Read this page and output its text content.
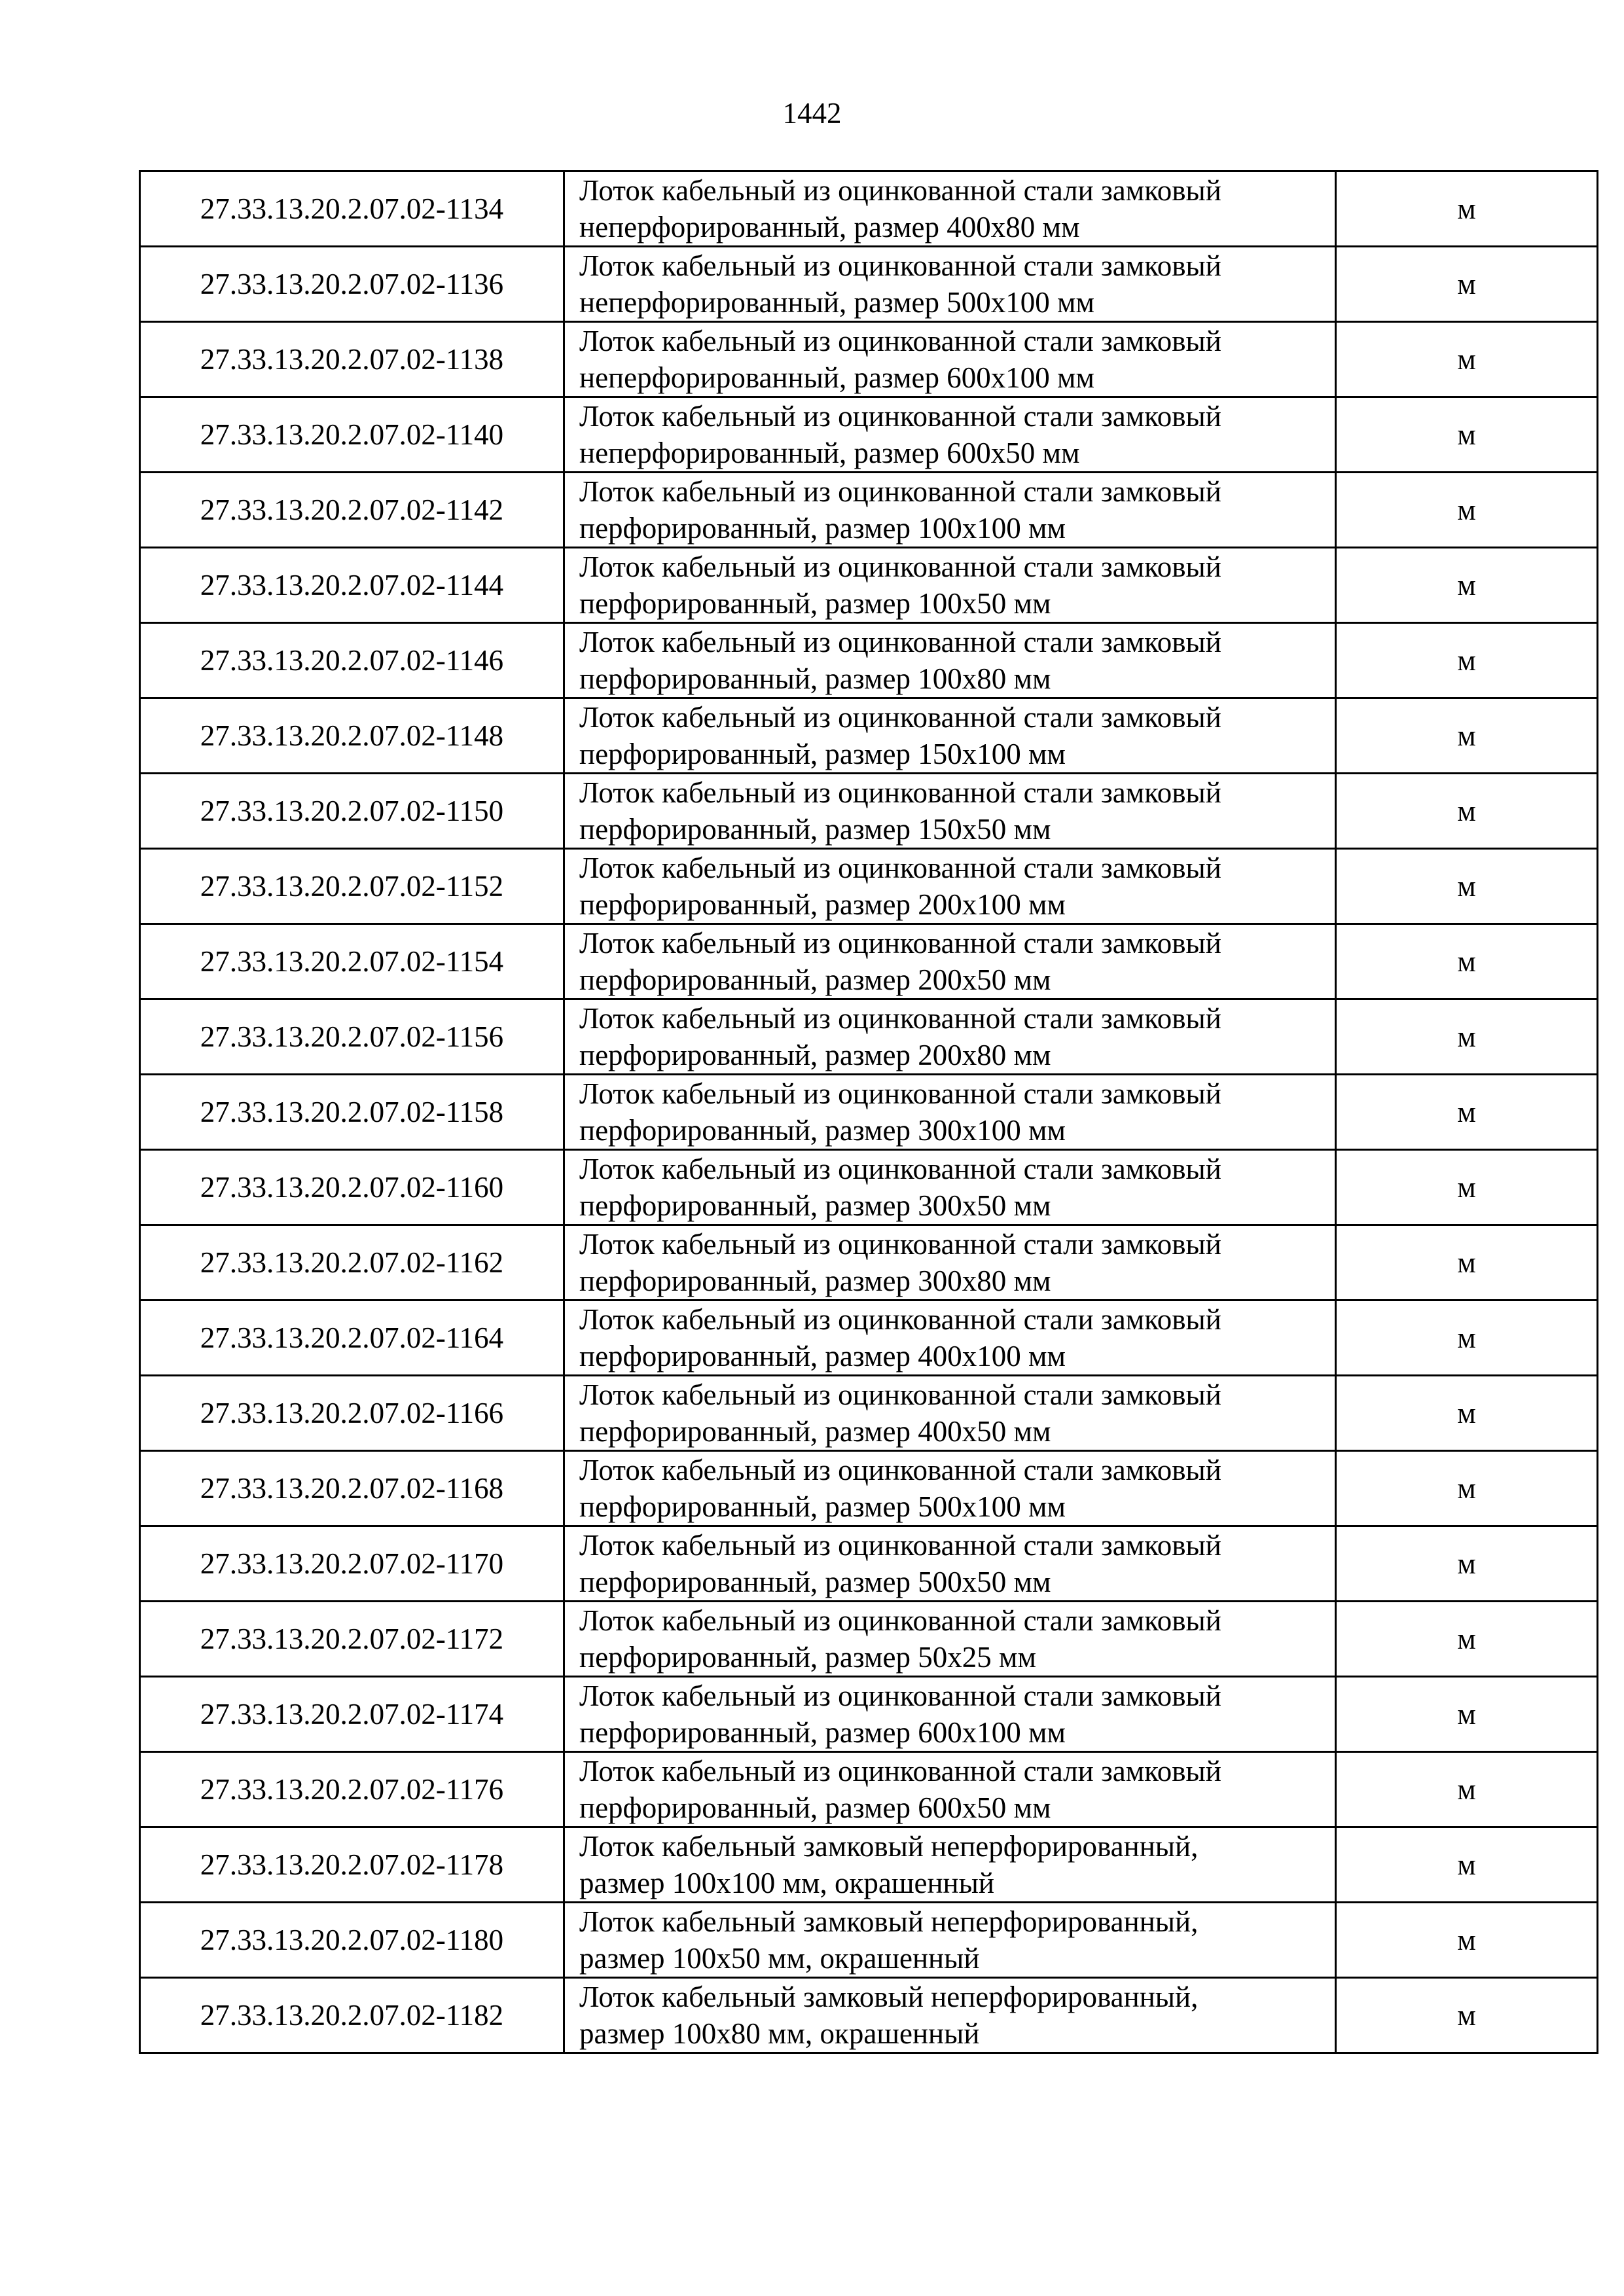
1442
27.33.13.20.2.07.02-1134	Лоток кабельный из оцинкованной стали замковый
неперфорированный, размер 400х80 мм	м
27.33.13.20.2.07.02-1136	Лоток кабельный из оцинкованной стали замковый
неперфорированный, размер 500х100 мм	м
27.33.13.20.2.07.02-1138	Лоток кабельный из оцинкованной стали замковый
неперфорированный, размер 600х100 мм	м
27.33.13.20.2.07.02-1140	Лоток кабельный из оцинкованной стали замковый
неперфорированный, размер 600х50 мм	м
27.33.13.20.2.07.02-1142	Лоток кабельный из оцинкованной стали замковый
перфорированный, размер 100х100 мм	м
27.33.13.20.2.07.02-1144	Лоток кабельный из оцинкованной стали замковый
перфорированный, размер 100х50 мм	м
27.33.13.20.2.07.02-1146	Лоток кабельный из оцинкованной стали замковый
перфорированный, размер 100х80 мм	м
27.33.13.20.2.07.02-1148	Лоток кабельный из оцинкованной стали замковый
перфорированный, размер 150х100 мм	м
27.33.13.20.2.07.02-1150	Лоток кабельный из оцинкованной стали замковый
перфорированный, размер 150х50 мм	м
27.33.13.20.2.07.02-1152	Лоток кабельный из оцинкованной стали замковый
перфорированный, размер 200х100 мм	м
27.33.13.20.2.07.02-1154	Лоток кабельный из оцинкованной стали замковый
перфорированный, размер 200х50 мм	м
27.33.13.20.2.07.02-1156	Лоток кабельный из оцинкованной стали замковый
перфорированный, размер 200х80 мм	м
27.33.13.20.2.07.02-1158	Лоток кабельный из оцинкованной стали замковый
перфорированный, размер 300х100 мм	м
27.33.13.20.2.07.02-1160	Лоток кабельный из оцинкованной стали замковый
перфорированный, размер 300х50 мм	м
27.33.13.20.2.07.02-1162	Лоток кабельный из оцинкованной стали замковый
перфорированный, размер 300х80 мм	м
27.33.13.20.2.07.02-1164	Лоток кабельный из оцинкованной стали замковый
перфорированный, размер 400х100 мм	м
27.33.13.20.2.07.02-1166	Лоток кабельный из оцинкованной стали замковый
перфорированный, размер 400х50 мм	м
27.33.13.20.2.07.02-1168	Лоток кабельный из оцинкованной стали замковый
перфорированный, размер 500х100 мм	м
27.33.13.20.2.07.02-1170	Лоток кабельный из оцинкованной стали замковый
перфорированный, размер 500х50 мм	м
27.33.13.20.2.07.02-1172	Лоток кабельный из оцинкованной стали замковый
перфорированный, размер 50х25 мм	м
27.33.13.20.2.07.02-1174	Лоток кабельный из оцинкованной стали замковый
перфорированный, размер 600х100 мм	м
27.33.13.20.2.07.02-1176	Лоток кабельный из оцинкованной стали замковый
перфорированный, размер 600х50 мм	м
27.33.13.20.2.07.02-1178	Лоток кабельный замковый неперфорированный,
размер 100х100 мм, окрашенный	м
27.33.13.20.2.07.02-1180	Лоток кабельный замковый неперфорированный,
размер 100х50 мм, окрашенный	м
27.33.13.20.2.07.02-1182	Лоток кабельный замковый неперфорированный,
размер 100х80 мм, окрашенный	м
